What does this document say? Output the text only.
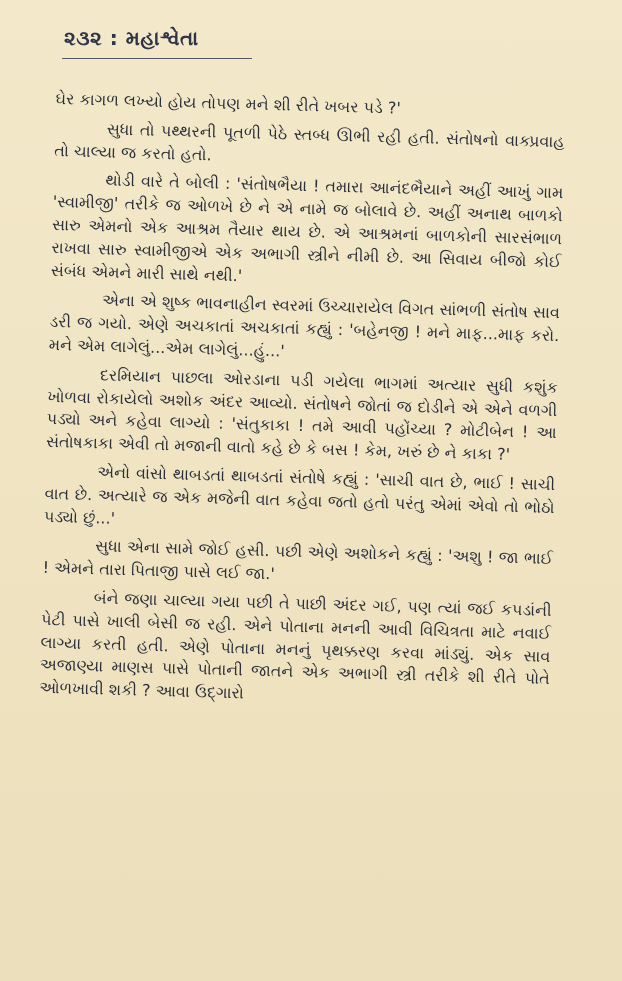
૨૩૨ : મહાશ્વેતા

ઘેર કાગળ લખ્યો હોય તોપણ મને શી રીતે ખબર પડે ?'

સુધા તો પથ્થરની પૂતળી પેઠે સ્તબ્ધ ઊભી રહી હતી. સંતોષનો વાક્પ્રવાહ તો ચાલ્યા જ કરતો હતો.

થોડી વારે તે બોલી : 'સંતોષભૈયા ! તમારા આનંદભૈયાને અહીં આખું ગામ 'સ્વામીજી' તરીકે જ ઓળખે છે ને એ નામે જ બોલાવે છે. અહીં અનાથ બાળકો સારુ એમનો એક આશ્રમ તૈયાર થાય છે. એ આશ્રમનાં બાળકોની સારસંભાળ રાખવા સારુ સ્વામીજીએ એક અભાગી સ્ત્રીને નીમી છે. આ સિવાય બીજો કોઈ સંબંધ એમને મારી સાથે નથી.'

એના એ શુષ્ક ભાવનાહીન સ્વરમાં ઉચ્ચારાયેલ વિગત સાંભળી સંતોષ સાવ ડરી જ ગયો. એણે અચકાતાં અચકાતાં કહ્યું : 'બહેનજી ! મને માફ...માફ કરો. મને એમ લાગેલું...એમ લાગેલું...હું...'

દરમિયાન પાછલા ઓરડાના પડી ગયેલા ભાગમાં અત્યાર સુધી કશુંક ખોળવા રોકાયેલો અશોક અંદર આવ્યો. સંતોષને જોતાં જ દોડીને એ એને વળગી પડ્યો અને કહેવા લાગ્યો : 'સંતુકાકા ! તમે આવી પહોંચ્યા ? મોટીબેન ! આ સંતોષકાકા એવી તો મજાની વાતો કહે છે કે બસ ! કેમ, ખરું છે ને કાકા ?'

એનો વાંસો થાબડતાં થાબડતાં સંતોષે કહ્યું : 'સાચી વાત છે, ભાઈ ! સાચી વાત છે. અત્યારે જ એક મજેની વાત કહેવા જતો હતો પરંતુ એમાં એવો તો ભોઠો પડ્યો છું...'

સુધા એના સામે જોઈ હસી. પછી એણે અશોકને કહ્યું : 'અશુ ! જા ભાઈ ! એમને તારા પિતાજી પાસે લઈ જા.'

બંને જણા ચાલ્યા ગયા પછી તે પાછી અંદર ગઈ, પણ ત્યાં જઈ કપડાંની પેટી પાસે ખાલી બેસી જ રહી. એને પોતાના મનની આવી વિચિત્રતા માટે નવાઈ લાગ્યા કરતી હતી. એણે પોતાના મનનું પૃથક્કરણ કરવા માંડ્યું. એક સાવ અજાણ્યા માણસ પાસે પોતાની જાતને એક અભાગી સ્ત્રી તરીકે શી રીતે પોતે ઓળખાવી શકી ? આવા ઉદ્ગારો
